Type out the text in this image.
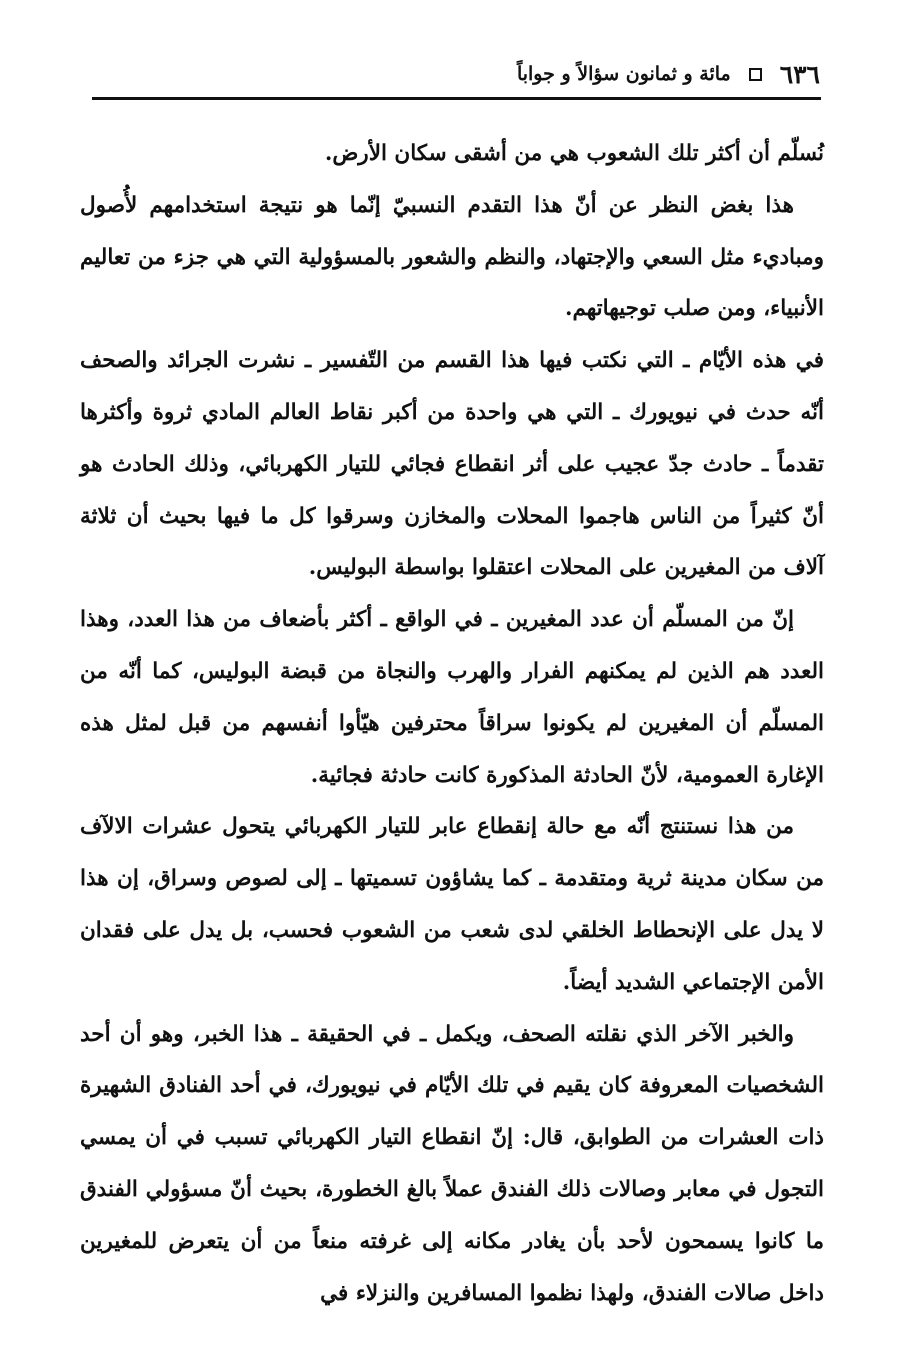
٦٣٦
مائة و ثمانون سؤالاً و جواباً

نُسلّم أن أكثر تلك الشعوب هي من أشقى سكان الأرض.

هذا بغض النظر عن أنّ هذا التقدم النسبيّ إنّما هو نتيجة استخدامهم لأُصول ومباديء مثل السعي والإجتهاد، والنظم والشعور بالمسؤولية التي هي جزء من تعاليم الأنبياء، ومن صلب توجيهاتهم.

في هذه الأيّام ـ التي نكتب فيها هذا القسم من التّفسير ـ نشرت الجرائد والصحف أنّه حدث في نيويورك ـ التي هي واحدة من أكبر نقاط العالم المادي ثروة وأكثرها تقدماً ـ حادث جدّ عجيب على أثر انقطاع فجائي للتيار الكهربائي، وذلك الحادث هو أنّ كثيراً من الناس هاجموا المحلات والمخازن وسرقوا كل ما فيها بحيث أن ثلاثة آلاف من المغيرين على المحلات اعتقلوا بواسطة البوليس.

إنّ من المسلّم أن عدد المغيرين ـ في الواقع ـ أكثر بأضعاف من هذا العدد، وهذا العدد هم الذين لم يمكنهم الفرار والهرب والنجاة من قبضة البوليس، كما أنّه من المسلّم أن المغيرين لم يكونوا سراقاً محترفين هيّأوا أنفسهم من قبل لمثل هذه الإغارة العمومية، لأنّ الحادثة المذكورة كانت حادثة فجائية.

من هذا نستنتج أنّه مع حالة إنقطاع عابر للتيار الكهربائي يتحول عشرات الالآف من سكان مدينة ثرية ومتقدمة ـ كما يشاؤون تسميتها ـ إلى لصوص وسراق، إن هذا لا يدل على الإنحطاط الخلقي لدى شعب من الشعوب فحسب، بل يدل على فقدان الأمن الإجتماعي الشديد أيضاً.

والخبر الآخر الذي نقلته الصحف، ويكمل ـ في الحقيقة ـ هذا الخبر، وهو أن أحد الشخصيات المعروفة كان يقيم في تلك الأيّام في نيويورك، في أحد الفنادق الشهيرة ذات العشرات من الطوابق، قال: إنّ انقطاع التيار الكهربائي تسبب في أن يمسي التجول في معابر وصالات ذلك الفندق عملاً بالغ الخطورة، بحيث أنّ مسؤولي الفندق ما كانوا يسمحون لأحد بأن يغادر مكانه إلى غرفته منعاً من أن يتعرض للمغيرين داخل صالات الفندق، ولهذا نظموا المسافرين والنزلاء في
